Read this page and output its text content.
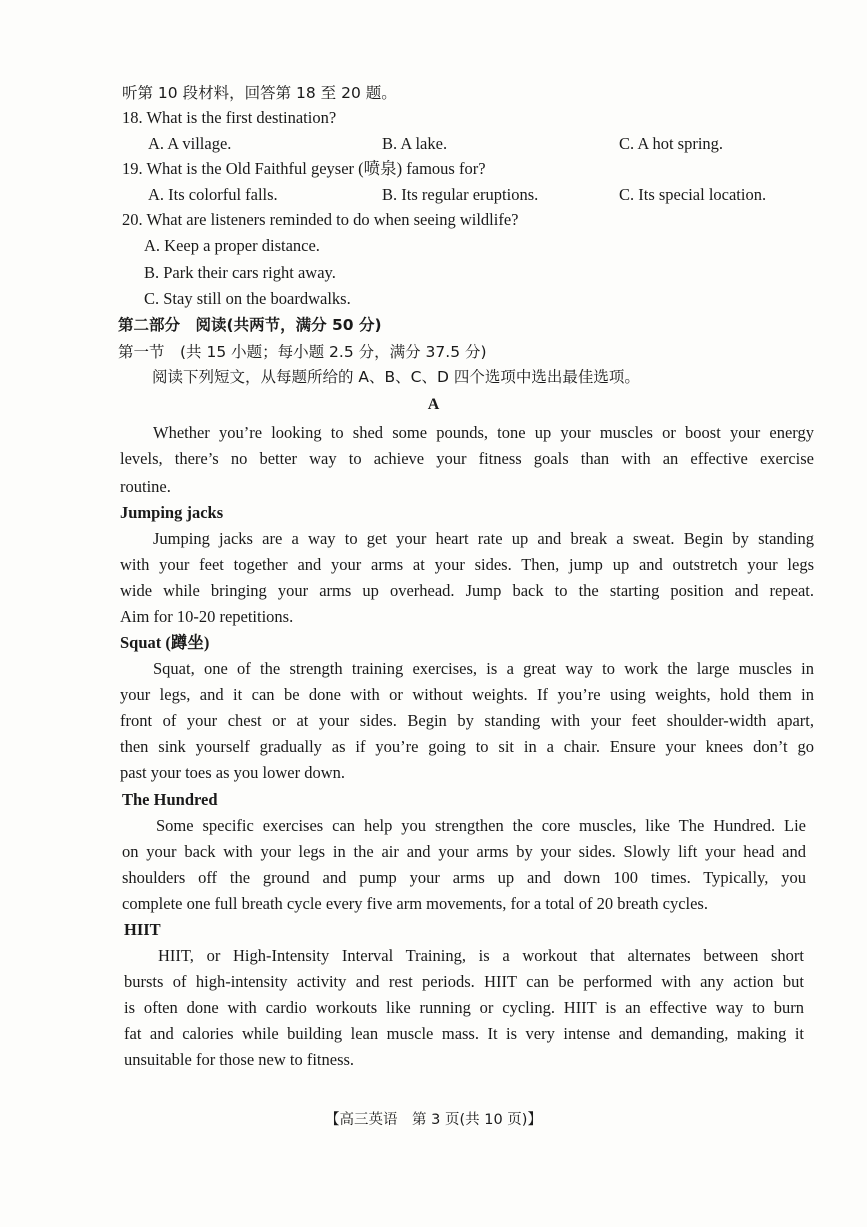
听第 10 段材料，回答第 18 至 20 题。
18. What is the first destination?
A. A village.	B. A lake.	C. A hot spring.
19. What is the Old Faithful geyser (喷泉) famous for?
A. Its colorful falls.	B. Its regular eruptions.	C. Its special location.
20. What are listeners reminded to do when seeing wildlife?
A. Keep a proper distance.
B. Park their cars right away.
C. Stay still on the boardwalks.
第二部分　阅读(共两节，满分 50 分)
第一节　(共 15 小题；每小题 2.5 分，满分 37.5 分)
阅读下列短文，从每题所给的 A、B、C、D 四个选项中选出最佳选项。
A
Whether you’re looking to shed some pounds, tone up your muscles or boost your energy
levels, there’s no better way to achieve your fitness goals than with an effective exercise
routine.
Jumping jacks
Jumping jacks are a way to get your heart rate up and break a sweat. Begin by standing
with your feet together and your arms at your sides. Then, jump up and outstretch your legs
wide while bringing your arms up overhead. Jump back to the starting position and repeat.
Aim for 10-20 repetitions.
Squat (蹲坐)
Squat, one of the strength training exercises, is a great way to work the large muscles in
your legs, and it can be done with or without weights. If you’re using weights, hold them in
front of your chest or at your sides. Begin by standing with your feet shoulder-width apart,
then sink yourself gradually as if you’re going to sit in a chair. Ensure your knees don’t go
past your toes as you lower down.
The Hundred
Some specific exercises can help you strengthen the core muscles, like The Hundred. Lie
on your back with your legs in the air and your arms by your sides. Slowly lift your head and
shoulders off the ground and pump your arms up and down 100 times. Typically, you
complete one full breath cycle every five arm movements, for a total of 20 breath cycles.
HIIT
HIIT, or High-Intensity Interval Training, is a workout that alternates between short
bursts of high-intensity activity and rest periods. HIIT can be performed with any action but
is often done with cardio workouts like running or cycling. HIIT is an effective way to burn
fat and calories while building lean muscle mass. It is very intense and demanding, making it
unsuitable for those new to fitness.
【高三英语　第 3 页(共 10 页)】
